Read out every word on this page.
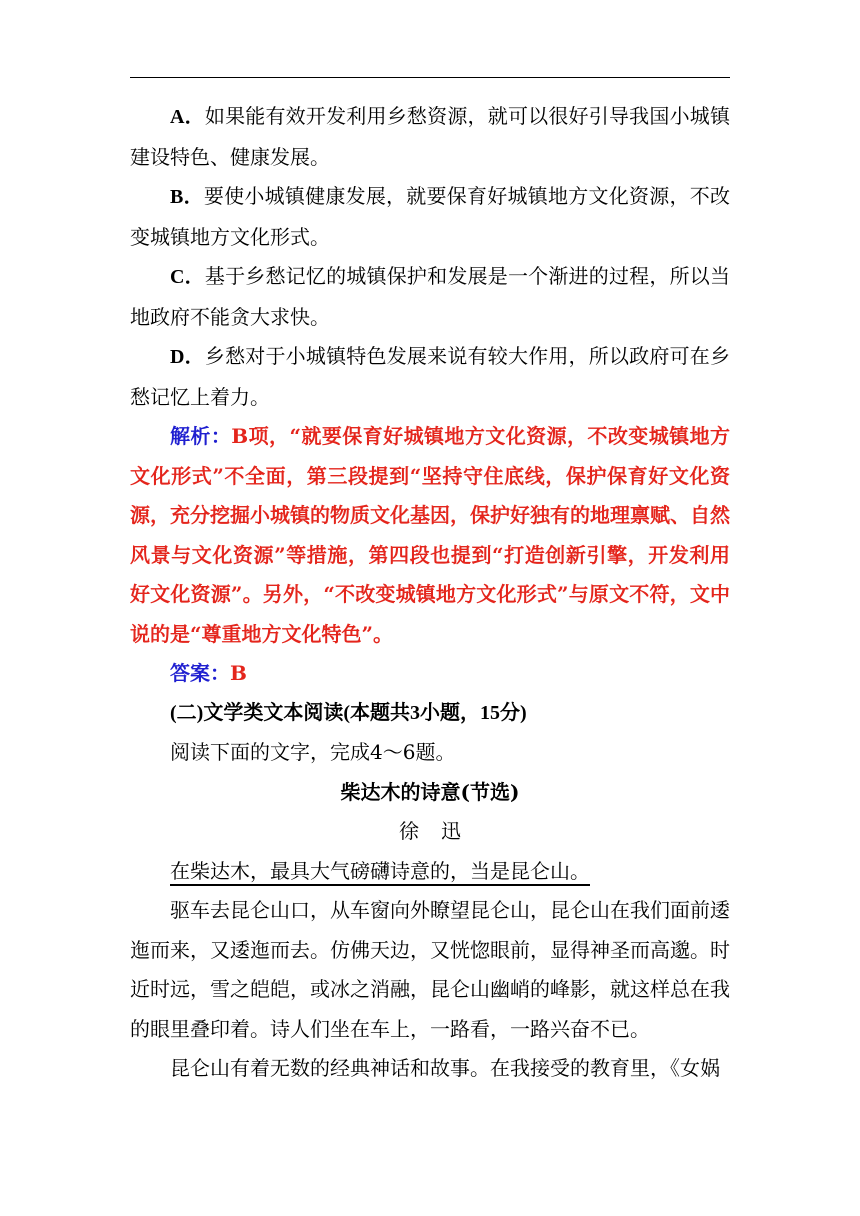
A．如果能有效开发利用乡愁资源，就可以很好引导我国小城镇建设特色、健康发展。

B．要使小城镇健康发展，就要保育好城镇地方文化资源，不改变城镇地方文化形式。

C．基于乡愁记忆的城镇保护和发展是一个渐进的过程，所以当地政府不能贪大求快。

D．乡愁对于小城镇特色发展来说有较大作用，所以政府可在乡愁记忆上着力。

解析：B项，“就要保育好城镇地方文化资源，不改变城镇地方文化形式”不全面，第三段提到“坚持守住底线，保护保育好文化资源，充分挖掘小城镇的物质文化基因，保护好独有的地理禀赋、自然风景与文化资源”等措施，第四段也提到“打造创新引擎，开发利用好文化资源”。另外，“不改变城镇地方文化形式”与原文不符，文中说的是“尊重地方文化特色”。

答案：B

(二)文学类文本阅读(本题共3小题，15分)

阅读下面的文字，完成4～6题。

柴达木的诗意(节选)

徐迅

在柴达木，最具大气磅礴诗意的，当是昆仑山。

驱车去昆仑山口，从车窗向外瞭望昆仑山，昆仑山在我们面前逶迤而来，又逶迤而去。仿佛天边，又恍惚眼前，显得神圣而高邈。时近时远，雪之皑皑，或冰之消融，昆仑山幽峭的峰影，就这样总在我的眼里叠印着。诗人们坐在车上，一路看，一路兴奋不已。

昆仑山有着无数的经典神话和故事。在我接受的教育里，《女娲
